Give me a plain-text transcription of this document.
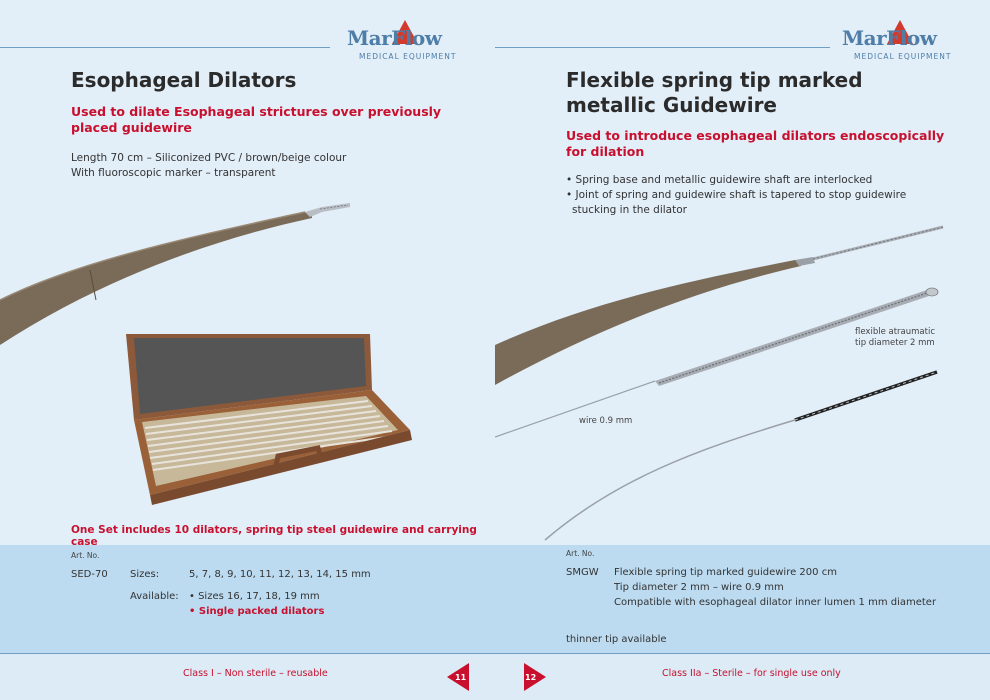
MarFlow
MEDICAL EQUIPMENT
Esophageal Dilators
Used to dilate Esophageal strictures over previously
placed guidewire
Length 70 cm – Siliconized PVC / brown/beige colour
With fluoroscopic marker – transparent
One Set includes 10 dilators, spring tip steel guidewire and carrying case
Art. No.
SED-70 Sizes:	5, 7, 8, 9, 10, 11, 12, 13, 14, 15 mm
Available: • Sizes 16, 17, 18, 19 mm
• Single packed dilators
Class I – Non sterile – reusable	11
MarFlow
MEDICAL EQUIPMENT
Flexible spring tip marked
metallic Guidewire
Used to introduce esophageal dilators endoscopically
for dilation
• Spring base and metallic guidewire shaft are interlocked
• Joint of spring and guidewire shaft is tapered to stop guidewire
stucking in the dilator
flexible atraumatic
tip diameter 2 mm
wire 0.9 mm
Art. No.
SMGW Flexible spring tip marked guidewire 200 cm
Tip diameter 2 mm – wire 0.9 mm
Compatible with esophageal dilator inner lumen 1 mm diameter
thinner tip available
12	Class IIa – Sterile – for single use only
